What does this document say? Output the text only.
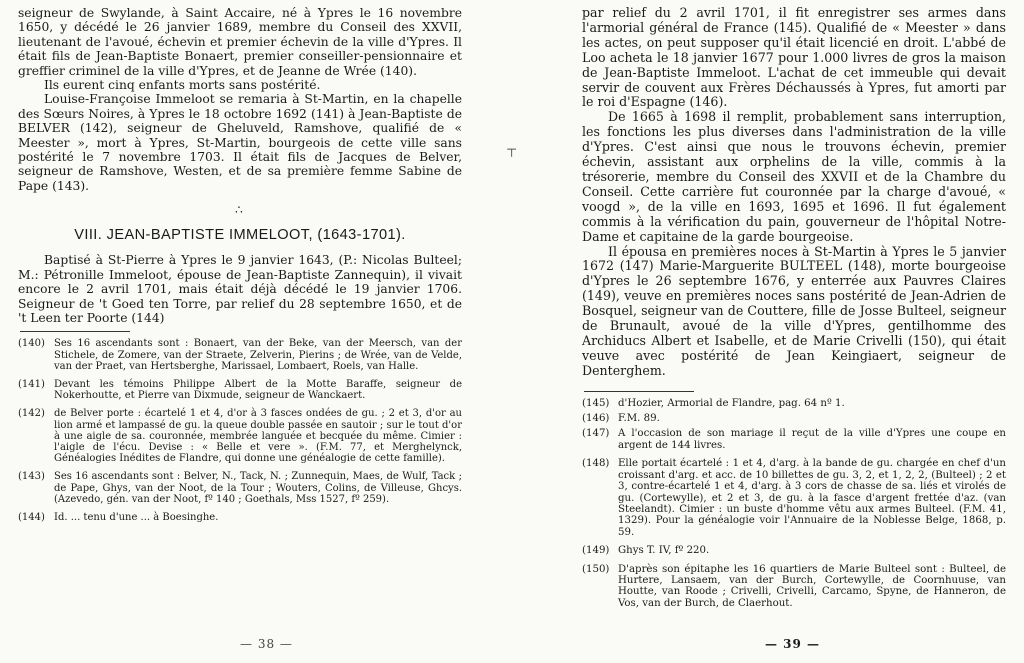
seigneur de Swylande, à Saint Accaire, né à Ypres le 16 novembre 1650, y décédé le 26 janvier 1689, membre du Conseil des XXVII, lieutenant de l'avoué, échevin et premier échevin de la ville d'Ypres. Il était fils de Jean-Baptiste Bonaert, premier conseiller-pensionnaire et greffier criminel de la ville d'Ypres, et de Jeanne de Wrée (140).

Ils eurent cinq enfants morts sans postérité.

Louise-Françoise Immeloot se remaria à St-Martin, en la chapelle des Sœurs Noires, à Ypres le 18 octobre 1692 (141) à Jean-Baptiste de BELVER (142), seigneur de Gheluveld, Ramshove, qualifié de « Meester », mort à Ypres, St-Martin, bourgeois de cette ville sans postérité le 7 novembre 1703. Il était fils de Jacques de Belver, seigneur de Ramshove, Westen, et de sa première femme Sabine de Pape (143).

∴
VIII. JEAN-BAPTISTE IMMELOOT, (1643-1701).

Baptisé à St-Pierre à Ypres le 9 janvier 1643, (P.: Nicolas Bulteel; M.: Pétronille Immeloot, épouse de Jean-Baptiste Zannequin), il vivait encore le 2 avril 1701, mais était déjà décédé le 19 janvier 1706. Seigneur de 't Goed ten Torre, par relief du 28 septembre 1650, et de 't Leen ter Poorte (144)

(140) Ses 16 ascendants sont : Bonaert, van der Beke, van der Meersch, van der Stichele, de Zomere, van der Straete, Zelverin, Pierins ; de Wrée, van de Velde, van der Praet, van Hertsberghe, Marissael, Lombaert, Roels, van Halle.
(141) Devant les témoins Philippe Albert de la Motte Baraffe, seigneur de Nokerhoutte, et Pierre van Dixmude, seigneur de Wanckaert.
(142) de Belver porte : écartelé 1 et 4, d'or à 3 fasces ondées de gu. ; 2 et 3, d'or au lion armé et lampassé de gu. la queue double passée en sautoir ; sur le tout d'or à une aigle de sa. couronnée, membrée languée et becquée du même. Cimier : l'aigle de l'écu. Devise : « Belle et vere ». (F.M. 77, et Merghelynck, Généalogies Inédites de Flandre, qui donne une généalogie de cette famille).
(143) Ses 16 ascendants sont : Belver, N., Tack, N. ; Zunnequin, Maes, de Wulf, Tack ; de Pape, Ghys, van der Noot, de la Tour ; Wouters, Colins, de Villeuse, Ghcys. (Azevedo, gén. van der Noot, fº 140 ; Goethals, Mss 1527, fº 259).
(144) Id. ... tenu d'une ... à Boesinghe.
— 38 —

par relief du 2 avril 1701, il fit enregistrer ses armes dans l'armorial général de France (145). Qualifié de « Meester » dans les actes, on peut supposer qu'il était licencié en droit. L'abbé de Loo acheta le 18 janvier 1677 pour 1.000 livres de gros la maison de Jean-Baptiste Immeloot. L'achat de cet immeuble qui devait servir de couvent aux Frères Déchaussés à Ypres, fut amorti par le roi d'Espagne (146).

De 1665 à 1698 il remplit, probablement sans interruption, les fonctions les plus diverses dans l'administration de la ville d'Ypres. C'est ainsi que nous le trouvons échevin, premier échevin, assistant aux orphelins de la ville, commis à la trésorerie, membre du Conseil des XXVII et de la Chambre du Conseil. Cette carrière fut couronnée par la charge d'avoué, « voogd », de la ville en 1693, 1695 et 1696. Il fut également commis à la vérification du pain, gouverneur de l'hôpital Notre-Dame et capitaine de la garde bourgeoise.

Il épousa en premières noces à St-Martin à Ypres le 5 janvier 1672 (147) Marie-Marguerite BULTEEL (148), morte bourgeoise d'Ypres le 26 septembre 1676, y enterrée aux Pauvres Claires (149), veuve en premières noces sans postérité de Jean-Adrien de Bosquel, seigneur van de Couttere, fille de Josse Bulteel, seigneur de Brunault, avoué de la ville d'Ypres, gentilhomme des Archiducs Albert et Isabelle, et de Marie Crivelli (150), qui était veuve avec postérité de Jean Keingiaert, seigneur de Denterghem.

(145) d'Hozier, Armorial de Flandre, pag. 64 nº 1.
(146) F.M. 89.
(147) A l'occasion de son mariage il reçut de la ville d'Ypres une coupe en argent de 144 livres.
(148) Elle portait écartelé : 1 et 4, d'arg. à la bande de gu. chargée en chef d'un croissant d'arg. et acc. de 10 billettes de gu. 3, 2, et 1, 2, 2, (Bulteel) ; 2 et 3, contre-écartelé 1 et 4, d'arg. à 3 cors de chasse de sa. liés et virolés de gu. (Cortewylle), et 2 et 3, de gu. à la fasce d'argent frettée d'az. (van Steelandt). Cimier : un buste d'homme vêtu aux armes Bulteel. (F.M. 41, 1329). Pour la généalogie voir l'Annuaire de la Noblesse Belge, 1868, p. 59.
(149) Ghys T. IV, fº 220.
(150) D'après son épitaphe les 16 quartiers de Marie Bulteel sont : Bulteel, de Hurtere, Lansaem, van der Burch, Cortewylle, de Coornhuuse, van Houtte, van Roode ; Crivelli, Crivelli, Carcamo, Spyne, de Hanneron, de Vos, van der Burch, de Claerhout.
— 39 —
⊤
